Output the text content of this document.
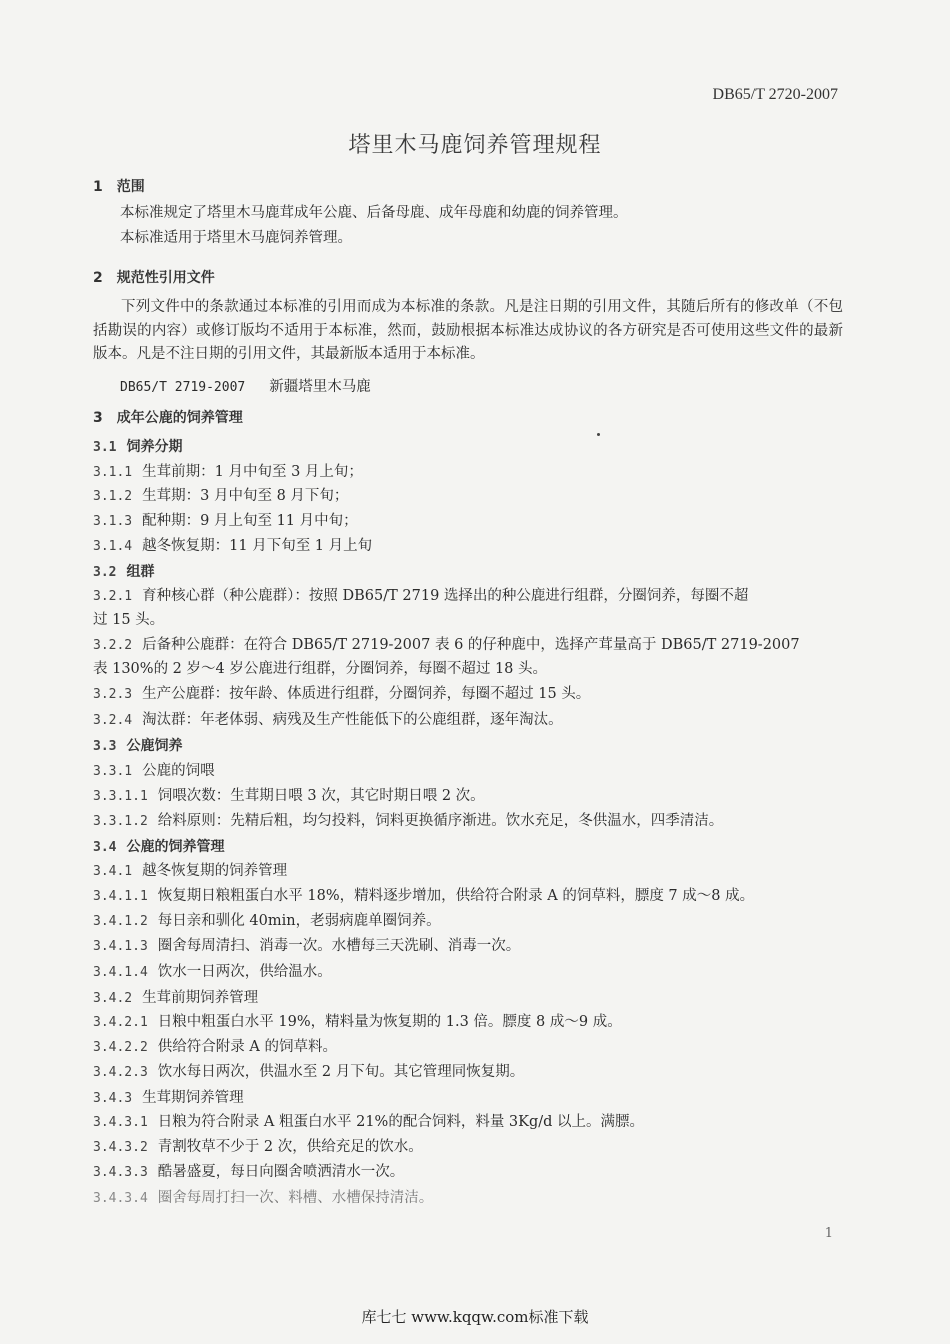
DB65/T 2720-2007
塔里木马鹿饲养管理规程
1 范围
本标准规定了塔里木马鹿茸成年公鹿、后备母鹿、成年母鹿和幼鹿的饲养管理。
本标准适用于塔里木马鹿饲养管理。
2 规范性引用文件
下列文件中的条款通过本标准的引用而成为本标准的条款。凡是注日期的引用文件，其随后所有的修改单（不包括勘误的内容）或修订版均不适用于本标准，然而，鼓励根据本标准达成协议的各方研究是否可使用这些文件的最新版本。凡是不注日期的引用文件，其最新版本适用于本标准。
DB65/T 2719-2007 新疆塔里木马鹿
3 成年公鹿的饲养管理
3.1 饲养分期
3.1.1 生茸前期：1 月中旬至 3 月上旬；
3.1.2 生茸期：3 月中旬至 8 月下旬；
3.1.3 配种期：9 月上旬至 11 月中旬；
3.1.4 越冬恢复期：11 月下旬至 1 月上旬
3.2 组群
3.2.1 育种核心群（种公鹿群）：按照 DB65/T 2719 选择出的种公鹿进行组群，分圈饲养，每圈不超
过 15 头。
3.2.2 后备种公鹿群：在符合 DB65/T 2719-2007 表 6 的仔种鹿中，选择产茸量高于 DB65/T 2719-2007
表 130%的 2 岁～4 岁公鹿进行组群，分圈饲养，每圈不超过 18 头。
3.2.3 生产公鹿群：按年龄、体质进行组群，分圈饲养，每圈不超过 15 头。
3.2.4 淘汰群：年老体弱、病残及生产性能低下的公鹿组群，逐年淘汰。
3.3 公鹿饲养
3.3.1 公鹿的饲喂
3.3.1.1 饲喂次数：生茸期日喂 3 次，其它时期日喂 2 次。
3.3.1.2 给料原则：先精后粗，均匀投料，饲料更换循序渐进。饮水充足，冬供温水，四季清洁。
3.4 公鹿的饲养管理
3.4.1 越冬恢复期的饲养管理
3.4.1.1 恢复期日粮粗蛋白水平 18%，精料逐步增加，供给符合附录 A 的饲草料，膘度 7 成～8 成。
3.4.1.2 每日亲和驯化 40min，老弱病鹿单圈饲养。
3.4.1.3 圈舍每周清扫、消毒一次。水槽每三天洗刷、消毒一次。
3.4.1.4 饮水一日两次，供给温水。
3.4.2 生茸前期饲养管理
3.4.2.1 日粮中粗蛋白水平 19%，精料量为恢复期的 1.3 倍。膘度 8 成～9 成。
3.4.2.2 供给符合附录 A 的饲草料。
3.4.2.3 饮水每日两次，供温水至 2 月下旬。其它管理同恢复期。
3.4.3 生茸期饲养管理
3.4.3.1 日粮为符合附录 A 粗蛋白水平 21%的配合饲料，料量 3Kg/d 以上。满膘。
3.4.3.2 青割牧草不少于 2 次，供给充足的饮水。
3.4.3.3 酷暑盛夏，每日向圈舍喷洒清水一次。
3.4.3.4 圈舍每周打扫一次、料槽、水槽保持清洁。
1
库七七 www.kqqw.com标准下载
